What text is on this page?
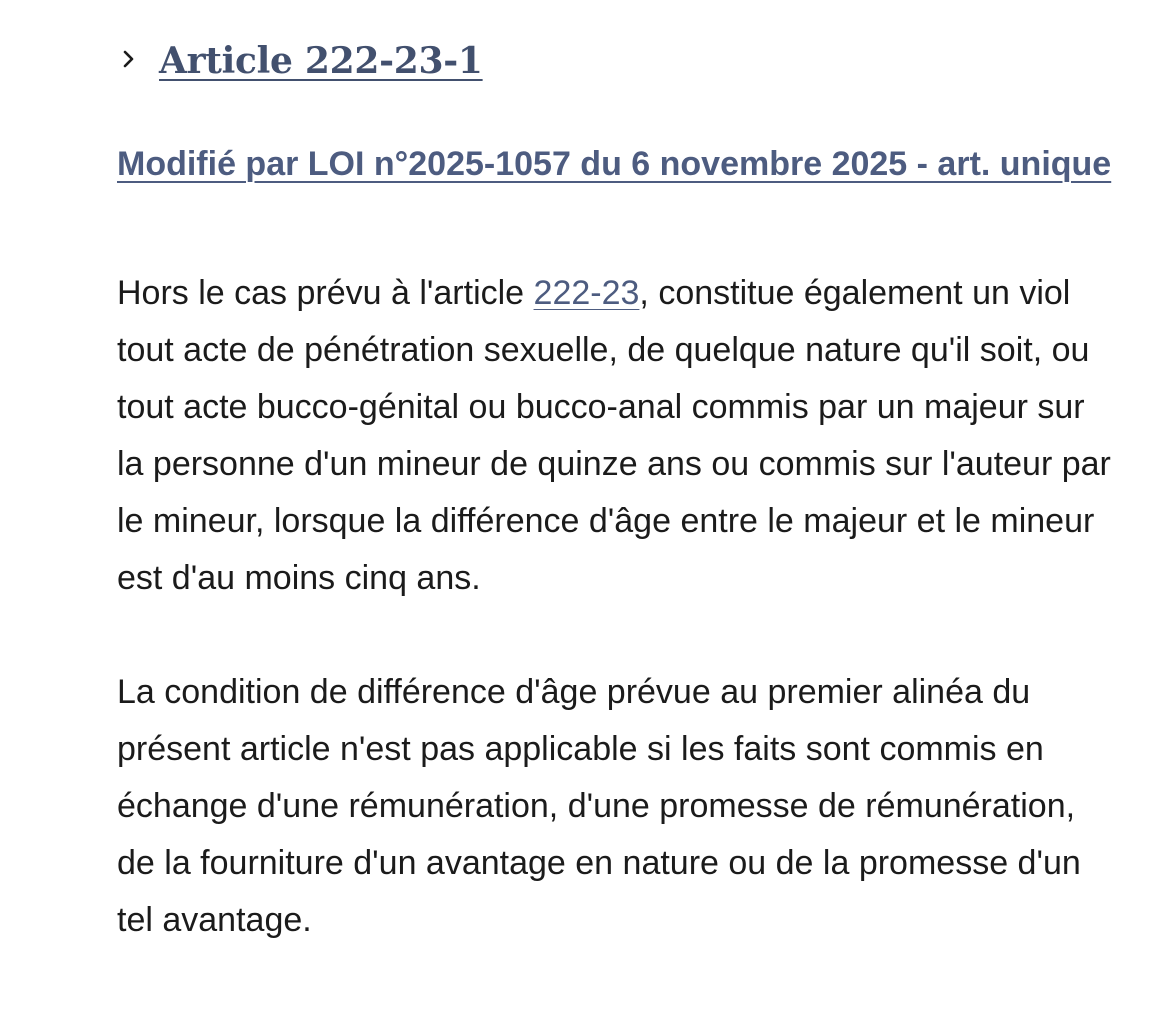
Article 222-23-1
Modifié par LOI n°2025-1057 du 6 novembre 2025 - art. unique

Hors le cas prévu à l'article 222-23, constitue également un viol tout acte de pénétration sexuelle, de quelque nature qu'il soit, ou tout acte bucco-génital ou bucco-anal commis par un majeur sur la personne d'un mineur de quinze ans ou commis sur l'auteur par le mineur, lorsque la différence d'âge entre le majeur et le mineur est d'au moins cinq ans.

La condition de différence d'âge prévue au premier alinéa du présent article n'est pas applicable si les faits sont commis en échange d'une rémunération, d'une promesse de rémunération, de la fourniture d'un avantage en nature ou de la promesse d'un tel avantage.
